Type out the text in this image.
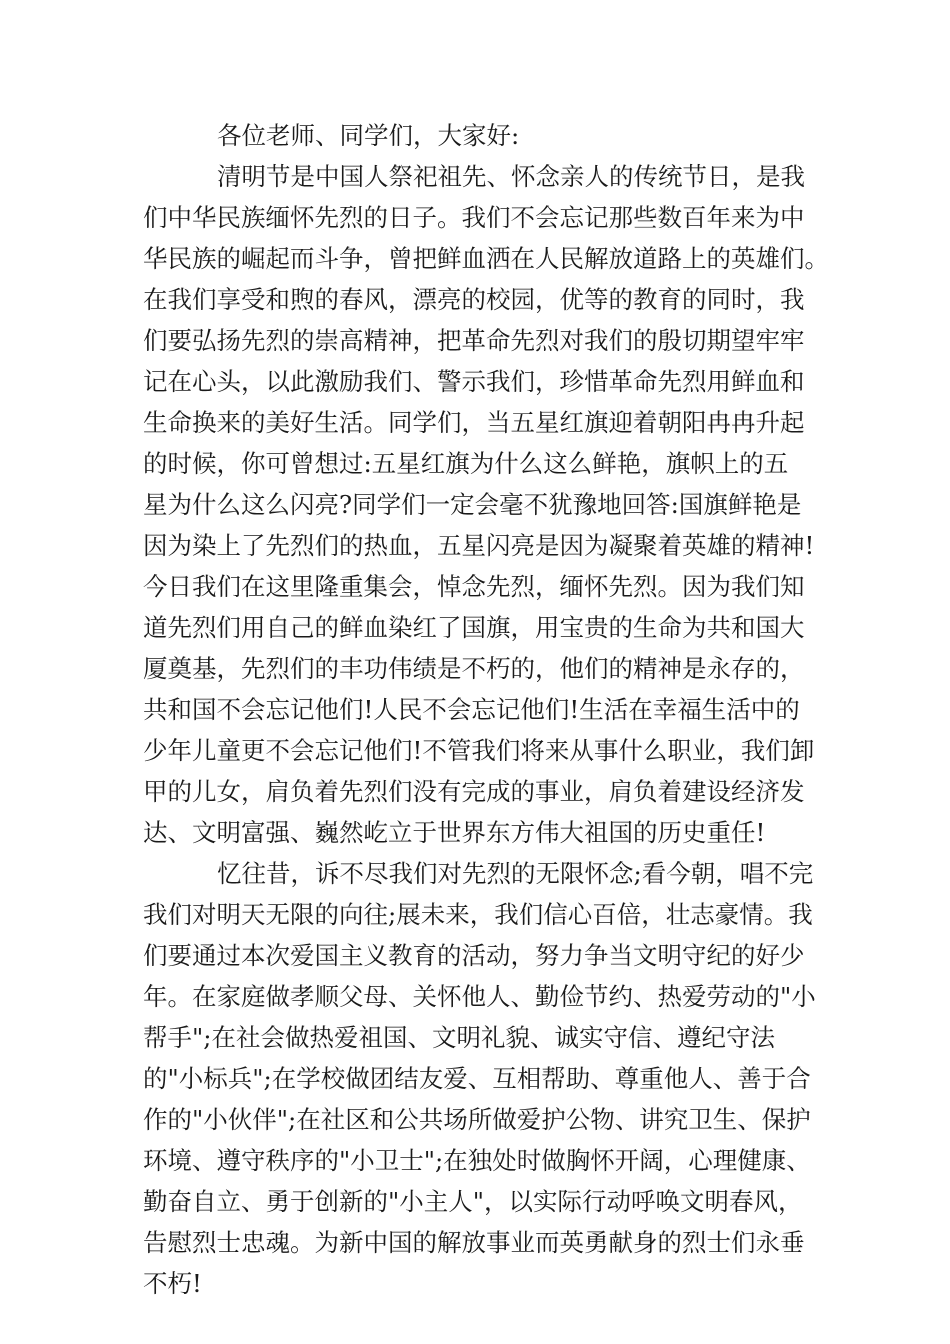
各位老师、同学们，大家好:
清明节是中国人祭祀祖先、怀念亲人的传统节日，是我
们中华民族缅怀先烈的日子。我们不会忘记那些数百年来为中
华民族的崛起而斗争，曾把鲜血洒在人民解放道路上的英雄们。
在我们享受和煦的春风，漂亮的校园，优等的教育的同时，我
们要弘扬先烈的崇高精神，把革命先烈对我们的殷切期望牢牢
记在心头，以此激励我们、警示我们，珍惜革命先烈用鲜血和
生命换来的美好生活。同学们，当五星红旗迎着朝阳冉冉升起
的时候，你可曾想过:五星红旗为什么这么鲜艳，旗帜上的五
星为什么这么闪亮?同学们一定会毫不犹豫地回答:国旗鲜艳是
因为染上了先烈们的热血，五星闪亮是因为凝聚着英雄的精神!
今日我们在这里隆重集会，悼念先烈，缅怀先烈。因为我们知
道先烈们用自己的鲜血染红了国旗，用宝贵的生命为共和国大
厦奠基，先烈们的丰功伟绩是不朽的，他们的精神是永存的，
共和国不会忘记他们!人民不会忘记他们!生活在幸福生活中的
少年儿童更不会忘记他们!不管我们将来从事什么职业，我们卸
甲的儿女，肩负着先烈们没有完成的事业，肩负着建设经济发
达、文明富强、巍然屹立于世界东方伟大祖国的历史重任!
忆往昔，诉不尽我们对先烈的无限怀念;看今朝，唱不完
我们对明天无限的向往;展未来，我们信心百倍，壮志豪情。我
们要通过本次爱国主义教育的活动，努力争当文明守纪的好少
年。在家庭做孝顺父母、关怀他人、勤俭节约、热爱劳动的"小
帮手";在社会做热爱祖国、文明礼貌、诚实守信、遵纪守法
的"小标兵";在学校做团结友爱、互相帮助、尊重他人、善于合
作的"小伙伴";在社区和公共场所做爱护公物、讲究卫生、保护
环境、遵守秩序的"小卫士";在独处时做胸怀开阔，心理健康、
勤奋自立、勇于创新的"小主人"，以实际行动呼唤文明春风，
告慰烈士忠魂。为新中国的解放事业而英勇献身的烈士们永垂
不朽!
